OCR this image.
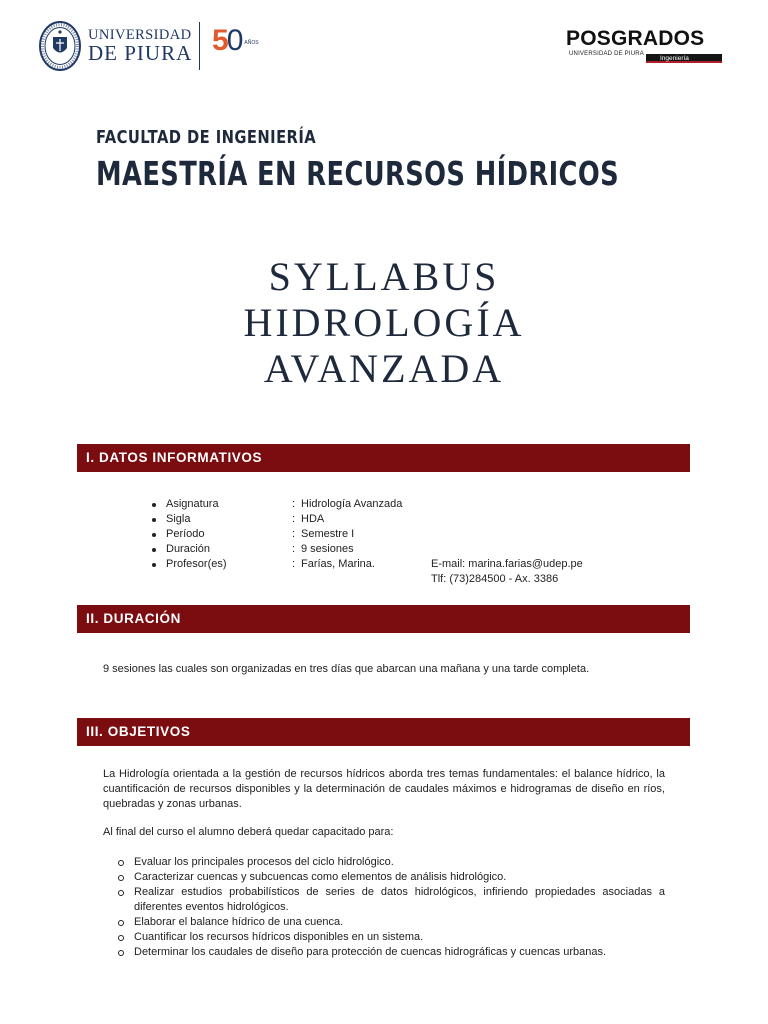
UNIVERSIDAD
DE PIURA 5
0 AÑOS	POSGRADOS
UNIVERSIDAD DE PIURA
Ingeniería
FACULTAD DE INGENIERÍA
MAESTRÍA EN RECURSOS HÍDRICOS
SYLLABUS
HIDROLOGÍA
AVANZADA
I. DATOS INFORMATIVOS
Asignatura	: Hidrología Avanzada
Sigla	: HDA
Período	: Semestre I
Duración	: 9 sesiones
Profesor(es)	: Farías, Marina.	E-mail: marina.farias@udep.pe
Tlf: (73)284500 - Ax. 3386
II. DURACIÓN

9 sesiones las cuales son organizadas en tres días que abarcan una mañana y una tarde completa.

III. OBJETIVOS

La Hidrología orientada a la gestión de recursos hídricos aborda tres temas fundamentales: el balance hídrico, la cuantificación de recursos disponibles y la determinación de caudales máximos e hidrogramas de diseño en ríos, quebradas y zonas urbanas.

Al final del curso el alumno deberá quedar capacitado para:

Evaluar los principales procesos del ciclo hidrológico.
Caracterizar cuencas y subcuencas como elementos de análisis hidrológico.
Realizar estudios probabilísticos de series de datos hidrológicos, infiriendo propiedades asociadas a diferentes eventos hidrológicos.
Elaborar el balance hídrico de una cuenca.
Cuantificar los recursos hídricos disponibles en un sistema.
Determinar los caudales de diseño para protección de cuencas hidrográficas y cuencas urbanas.
